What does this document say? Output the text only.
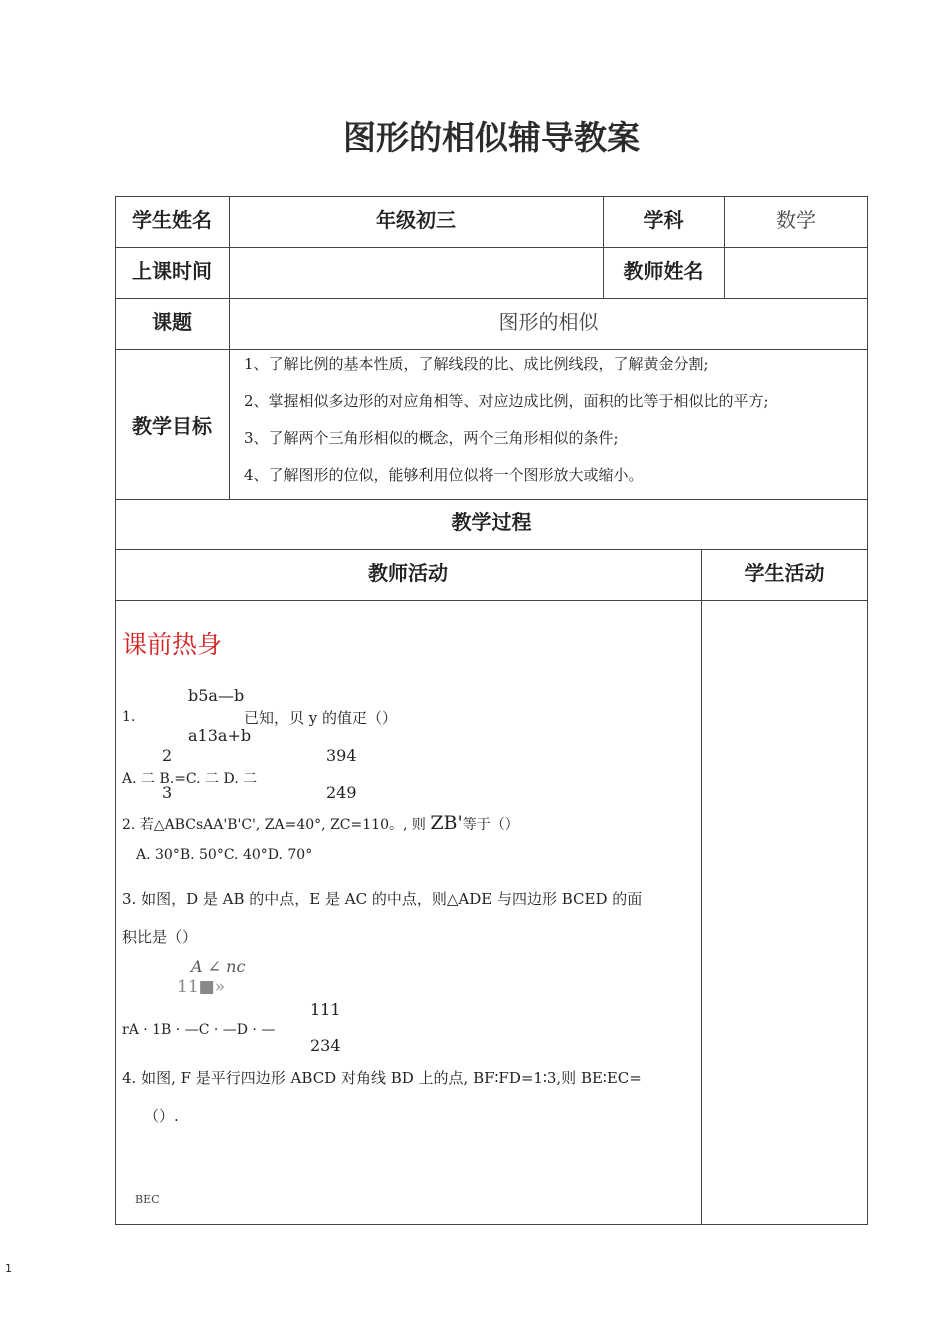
图形的相似辅导教案
学生姓名	年级初三	学科	数学
上课时间	教师姓名
课题	图形的相似
教学目标
1、了解比例的基本性质，了解线段的比、成比例线段，了解黄金分割;
2、掌握相似多边形的对应角相等、对应边成比例，面积的比等于相似比的平方;
3、了解两个三角形相似的概念，两个三角形相似的条件;
4、了解图形的位似，能够利用位似将一个图形放大或缩小。
教学过程
教师活动	学生活动
课前热身
b5a—b
1.	已知，贝 y 的值疋（）
a13a+b
2	394
A. 二 B.=C. 二 D. 二
3	249
2. 若△ABCsAA'B'C', ZA=40°, ZC=110。, 则 ZB'等于（）
A. 30°B. 50°C. 40°D. 70°
3. 如图，D 是 AB 的中点，E 是 AC 的中点，则△ADE 与四边形 BCED 的面
积比是（）
A ∠ nc
11■»
111
rA · 1B · —C · —D · —
234
4. 如图, F 是平行四边形 ABCD 对角线 BD 上的点, BF∶FD=1∶3,则 BE∶EC=
（）.
BEC
1
